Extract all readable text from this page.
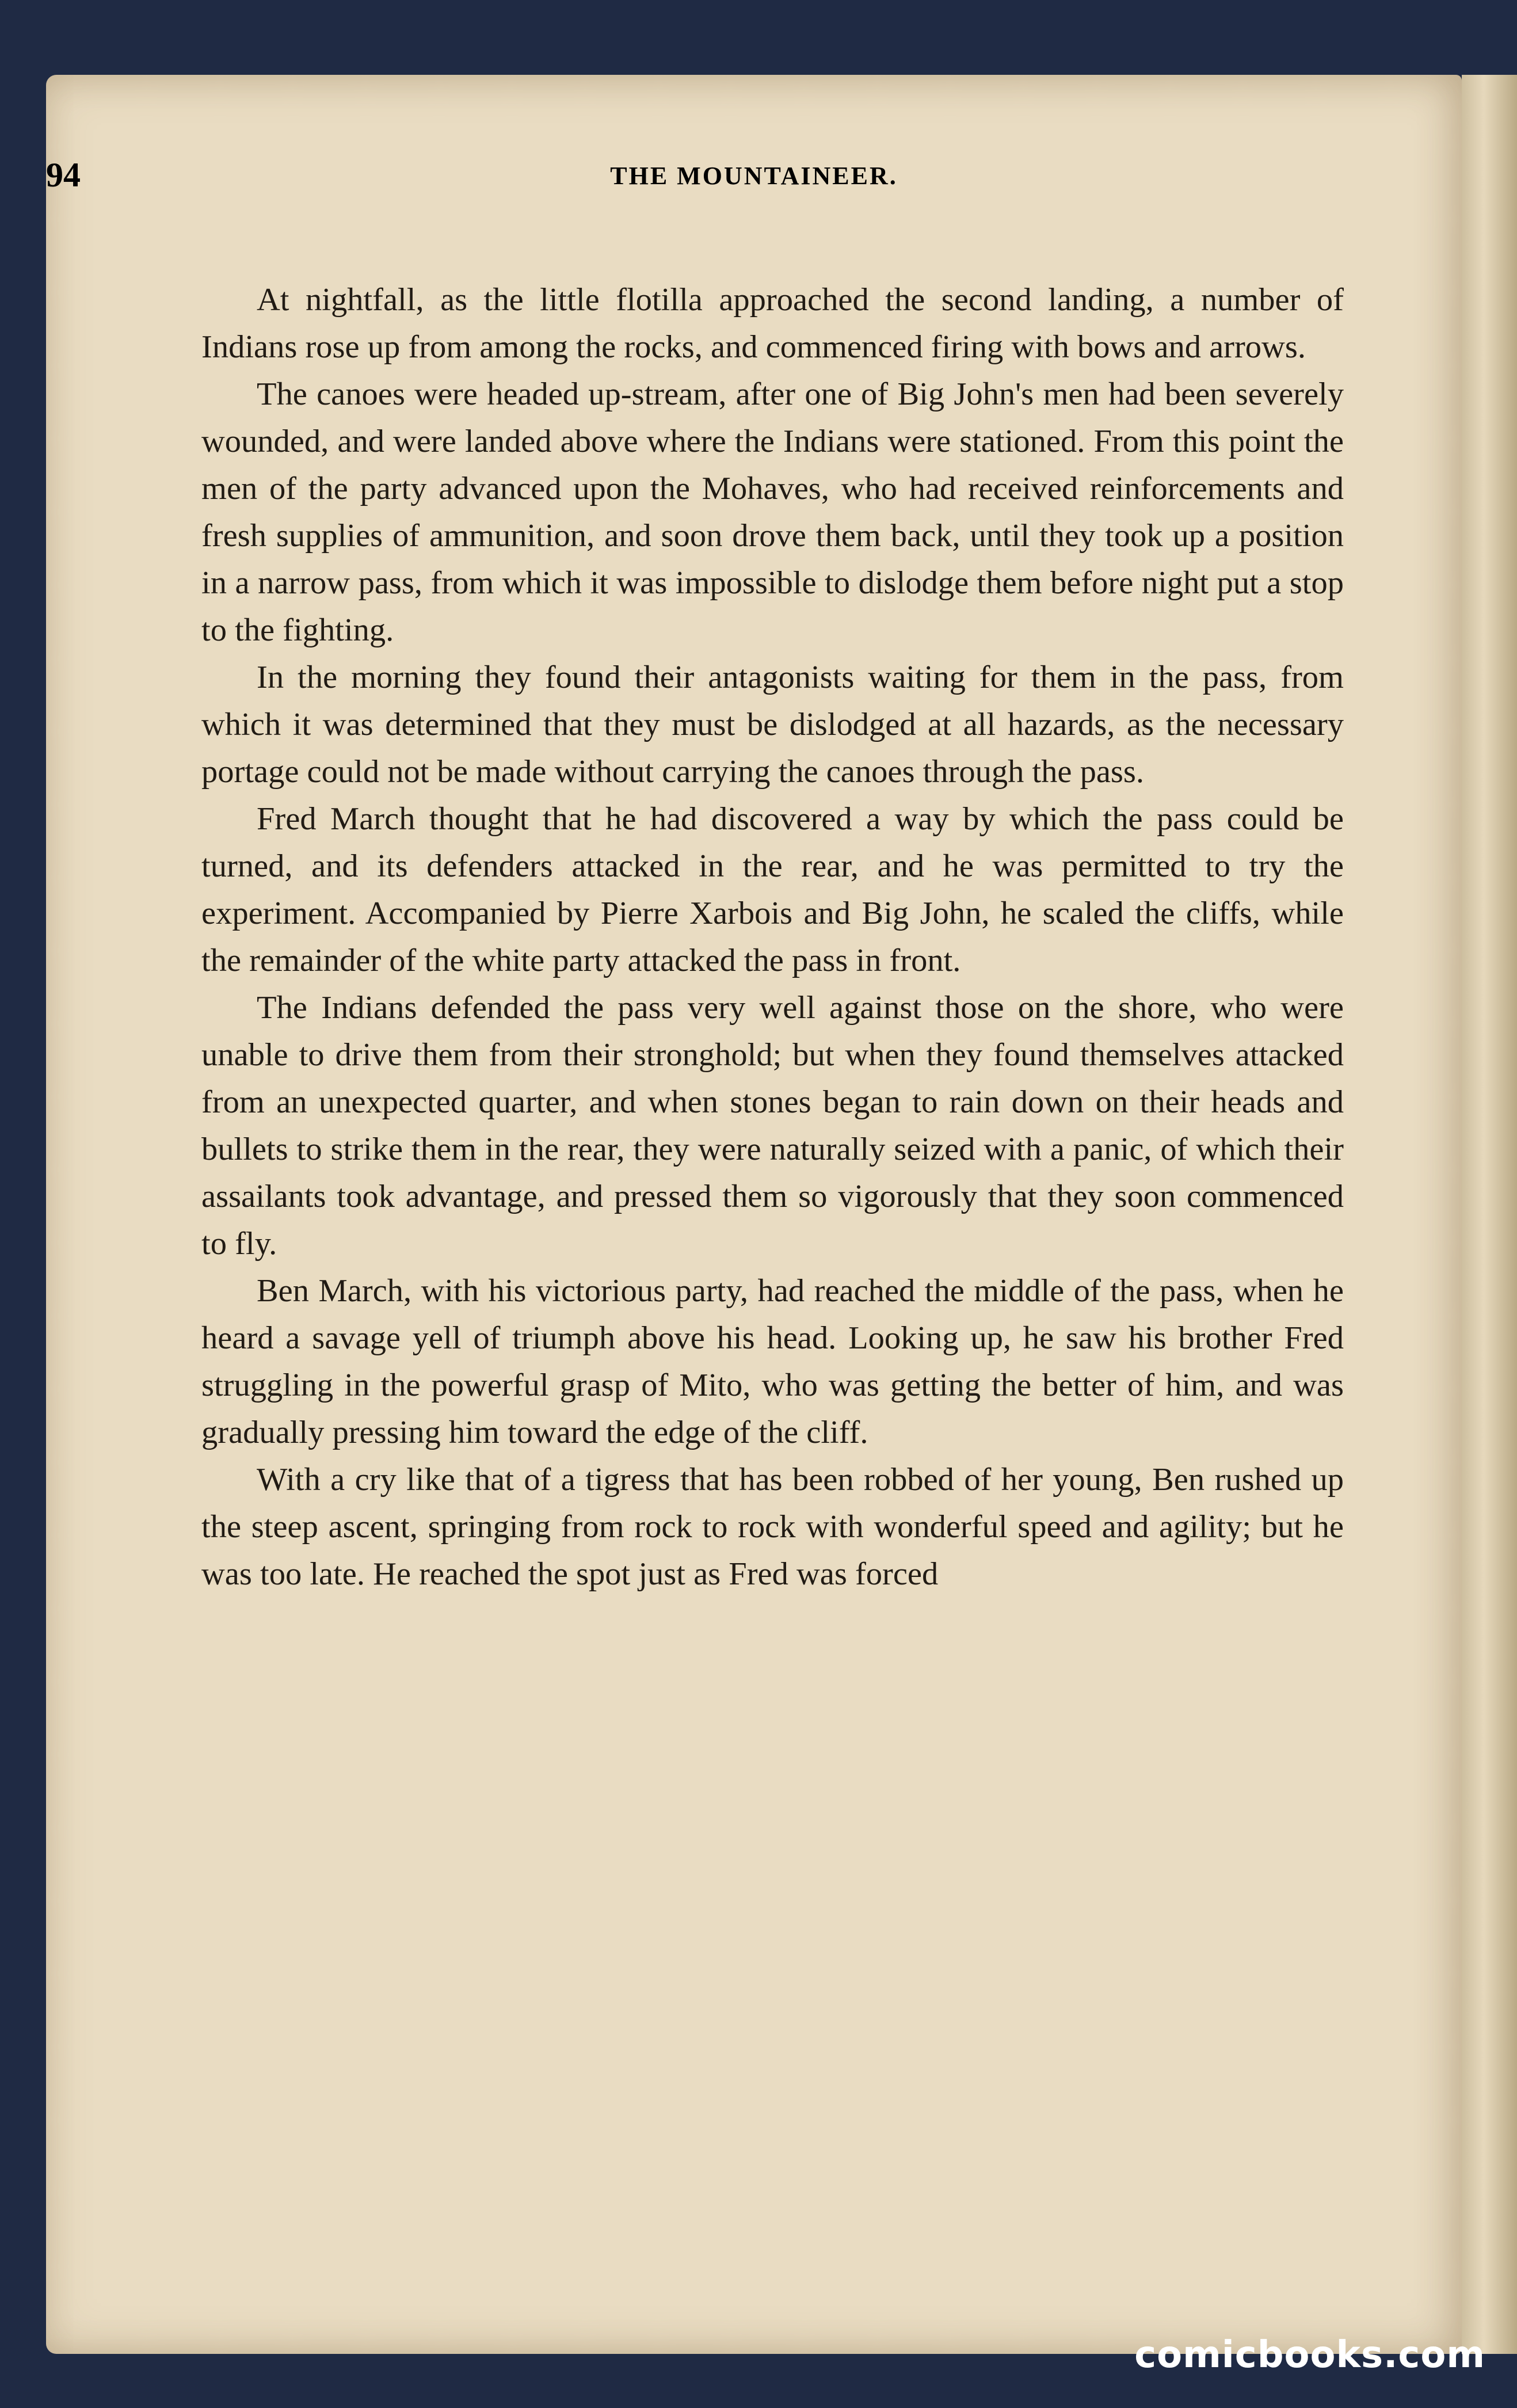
94	THE MOUNTAINEER.

At nightfall, as the little flotilla approached the second landing, a number of Indians rose up from among the rocks, and commenced firing with bows and arrows.

The canoes were headed up-stream, after one of Big John's men had been severely wounded, and were landed above where the Indians were stationed. From this point the men of the party advanced upon the Mohaves, who had received reinforcements and fresh supplies of ammunition, and soon drove them back, until they took up a position in a narrow pass, from which it was impossible to dislodge them before night put a stop to the fighting.

In the morning they found their antagonists waiting for them in the pass, from which it was determined that they must be dislodged at all hazards, as the necessary portage could not be made without carrying the canoes through the pass.

Fred March thought that he had discovered a way by which the pass could be turned, and its defenders attacked in the rear, and he was permitted to try the experiment. Accompanied by Pierre Xarbois and Big John, he scaled the cliffs, while the remainder of the white party attacked the pass in front.

The Indians defended the pass very well against those on the shore, who were unable to drive them from their stronghold; but when they found themselves attacked from an unexpected quarter, and when stones began to rain down on their heads and bullets to strike them in the rear, they were naturally seized with a panic, of which their assailants took advantage, and pressed them so vigorously that they soon commenced to fly.

Ben March, with his victorious party, had reached the middle of the pass, when he heard a savage yell of triumph above his head. Looking up, he saw his brother Fred struggling in the powerful grasp of Mito, who was getting the better of him, and was gradually pressing him toward the edge of the cliff.

With a cry like that of a tigress that has been robbed of her young, Ben rushed up the steep ascent, springing from rock to rock with wonderful speed and agility; but he was too late. He reached the spot just as Fred was forced

comicbooks.com
